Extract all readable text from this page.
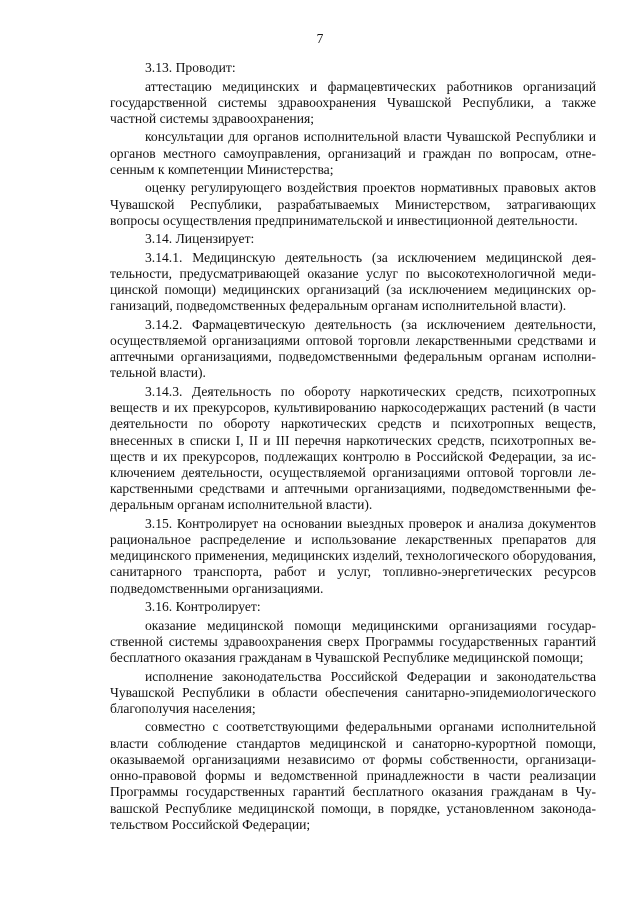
7

3.13. Проводит:

аттестацию медицинских и фармацевтических работников организаций государственной системы здравоохранения Чувашской Республики, а также частной системы здравоохранения;

консультации для органов исполнительной власти Чувашской Республики и органов местного самоуправления, организаций и граждан по вопросам, отнесенным к компетенции Министерства;

оценку регулирующего воздействия проектов нормативных правовых актов Чувашской Республики, разрабатываемых Министерством, затрагивающих вопросы осуществления предпринимательской и инвестиционной деятельности.

3.14. Лицензирует:

3.14.1. Медицинскую деятельность (за исключением медицинской деятельности, предусматривающей оказание услуг по высокотехнологичной медицинской помощи) медицинских организаций (за исключением медицинских организаций, подведомственных федеральным органам исполнительной власти).

3.14.2. Фармацевтическую деятельность (за исключением деятельности, осуществляемой организациями оптовой торговли лекарственными средствами и аптечными организациями, подведомственными федеральным органам исполнительной власти).

3.14.3. Деятельность по обороту наркотических средств, психотропных веществ и их прекурсоров, культивированию наркосодержащих растений (в части деятельности по обороту наркотических средств и психотропных веществ, внесенных в списки I, II и III перечня наркотических средств, психотропных веществ и их прекурсоров, подлежащих контролю в Российской Федерации, за исключением деятельности, осуществляемой организациями оптовой торговли лекарственными средствами и аптечными организациями, подведомственными федеральным органам исполнительной власти).

3.15. Контролирует на основании выездных проверок и анализа документов рациональное распределение и использование лекарственных препаратов для медицинского применения, медицинских изделий, технологического оборудования, санитарного транспорта, работ и услуг, топливно-энергетических ресурсов подведомственными организациями.

3.16. Контролирует:

оказание медицинской помощи медицинскими организациями государственной системы здравоохранения сверх Программы государственных гарантий бесплатного оказания гражданам в Чувашской Республике медицинской помощи;

исполнение законодательства Российской Федерации и законодательства Чувашской Республики в области обеспечения санитарно-эпидемиологического благополучия населения;

совместно с соответствующими федеральными органами исполнительной власти соблюдение стандартов медицинской и санаторно-курортной помощи, оказываемой организациями независимо от формы собственности, организационно-правовой формы и ведомственной принадлежности в части реализации Программы государственных гарантий бесплатного оказания гражданам в Чувашской Республике медицинской помощи, в порядке, установленном законодательством Российской Федерации;
